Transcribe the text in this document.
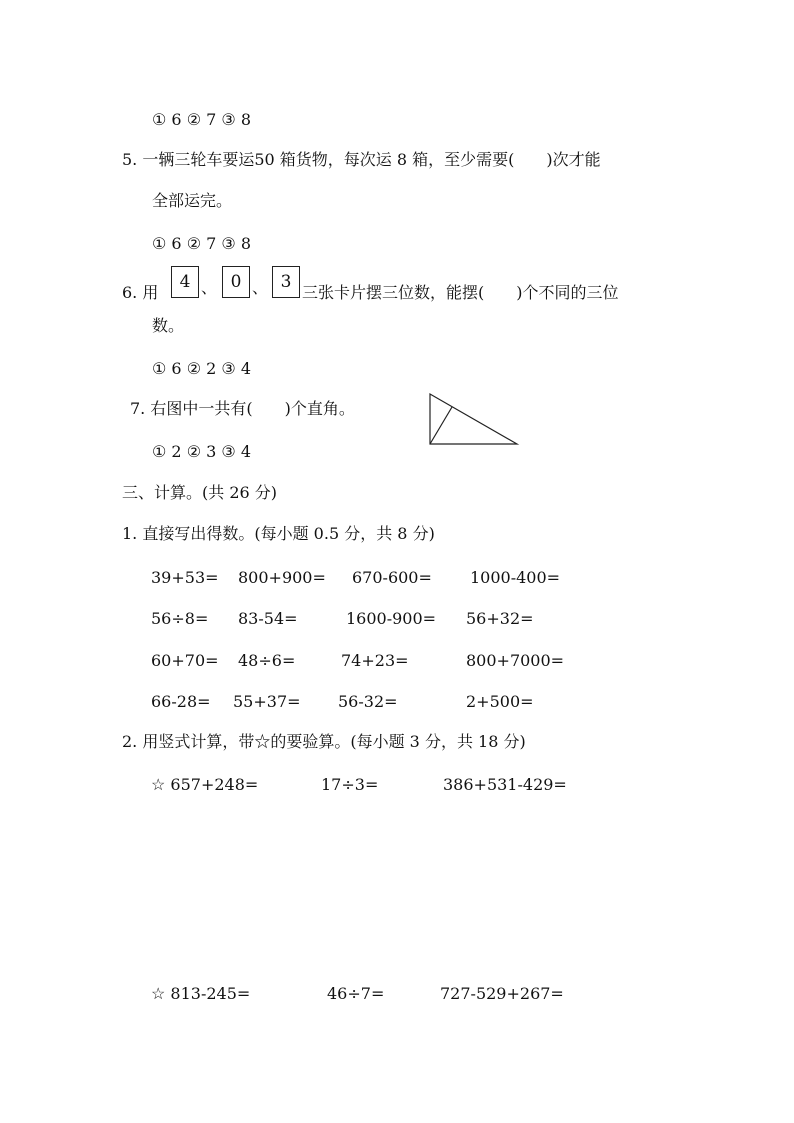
① 6 ② 7 ③ 8
5. 一辆三轮车要运50 箱货物，每次运 8 箱，至少需要(　　)次才能
全部运完。
① 6 ② 7 ③ 8
6. 用
4 、 0 、 3
三张卡片摆三位数，能摆(　　)个不同的三位
数。
① 6 ② 2 ③ 4
7. 右图中一共有(　　)个直角。
① 2 ② 3 ③ 4
三、计算。(共 26 分)
1. 直接写出得数。(每小题 0.5 分，共 8 分)
39+53= 800+900= 670-600= 1000-400=
56÷8= 83-54=	1600-900= 56+32=
60+70= 48÷6=	74+23=	800+7000=
66-28= 55+37= 56-32=	2+500=
2. 用竖式计算，带☆的要验算。(每小题 3 分，共 18 分)
☆ 657+248=	17÷3=	386+531-429=
☆ 813-245=	46÷7=	727-529+267=
